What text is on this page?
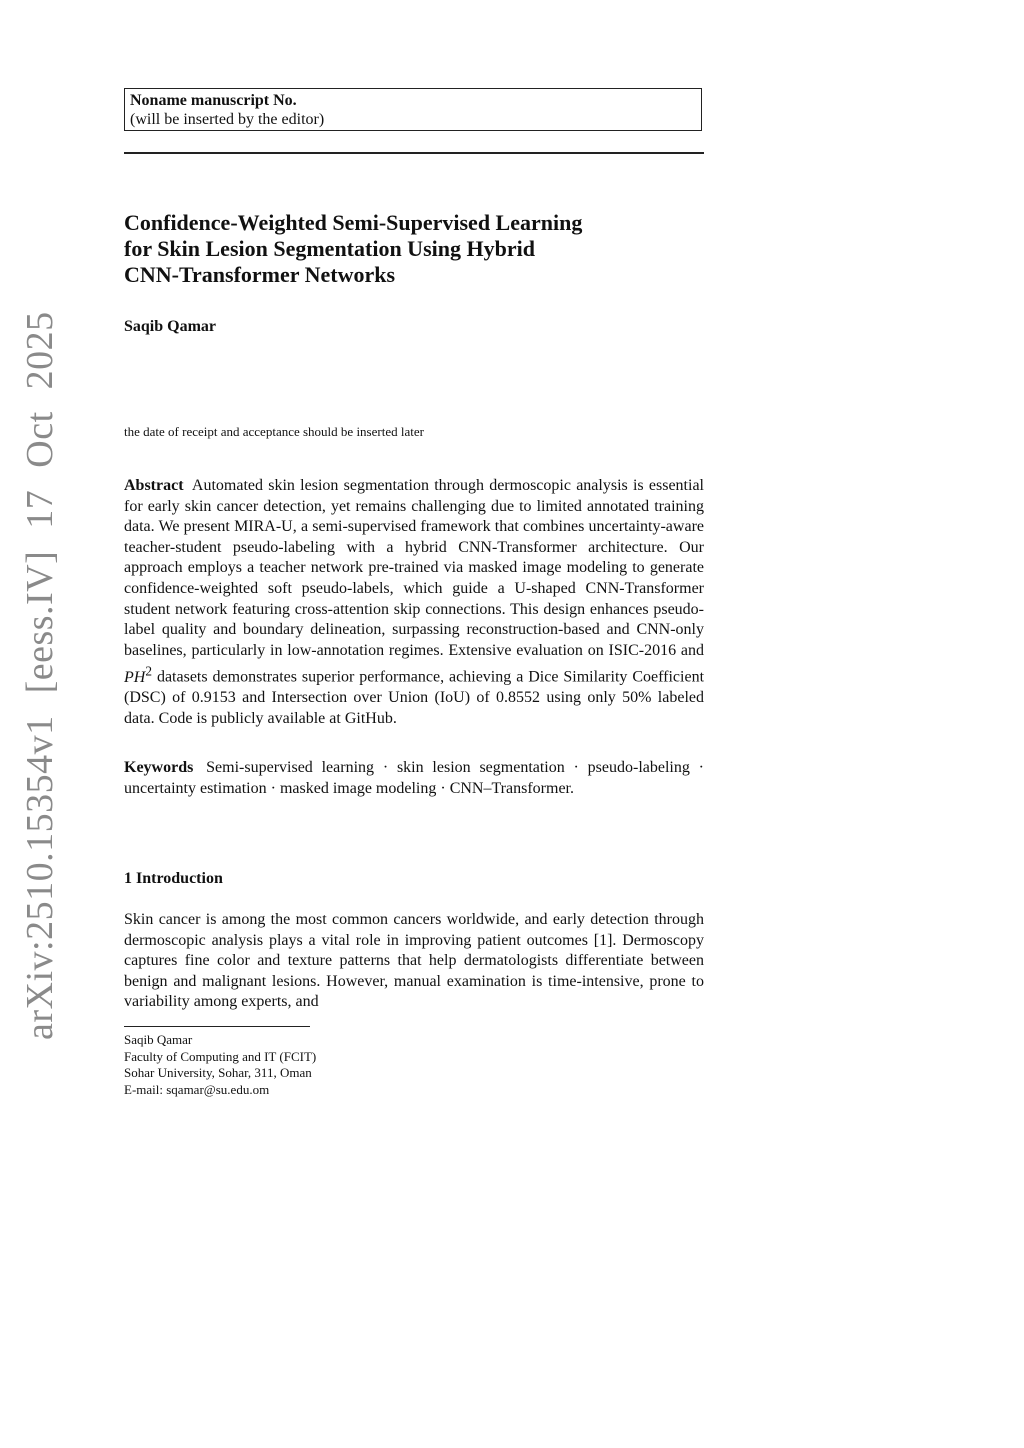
arXiv:2510.15354v1 [eess.IV] 17 Oct 2025
Noname manuscript No.
(will be inserted by the editor)
Confidence-Weighted Semi-Supervised Learning
for Skin Lesion Segmentation Using Hybrid
CNN-Transformer Networks
Saqib Qamar
the date of receipt and acceptance should be inserted later
Abstract Automated skin lesion segmentation through dermoscopic analysis is essential for early skin cancer detection, yet remains challenging due to limited annotated training data. We present MIRA-U, a semi-supervised framework that combines uncertainty-aware teacher-student pseudo-labeling with a hybrid CNN-Transformer architecture. Our approach employs a teacher network pre-trained via masked image modeling to generate confidence-weighted soft pseudo-labels, which guide a U-shaped CNN-Transformer student network featuring cross-attention skip connections. This design enhances pseudo-label quality and boundary delineation, surpassing reconstruction-based and CNN-only baselines, particularly in low-annotation regimes. Extensive evaluation on ISIC-2016 and $PH^2$ datasets demonstrates superior performance, achieving a Dice Similarity Coefficient (DSC) of 0.9153 and Intersection over Union (IoU) of 0.8552 using only 50% labeled data. Code is publicly available at GitHub.
Keywords Semi-supervised learning · skin lesion segmentation · pseudo-labeling · uncertainty estimation · masked image modeling · CNN–Transformer.
1 Introduction
Skin cancer is among the most common cancers worldwide, and early detection through dermoscopic analysis plays a vital role in improving patient outcomes [1]. Dermoscopy captures fine color and texture patterns that help dermatologists differentiate between benign and malignant lesions. However, manual examination is time-intensive, prone to variability among experts, and
Saqib Qamar
Faculty of Computing and IT (FCIT)
Sohar University, Sohar, 311, Oman
E-mail: sqamar@su.edu.om
